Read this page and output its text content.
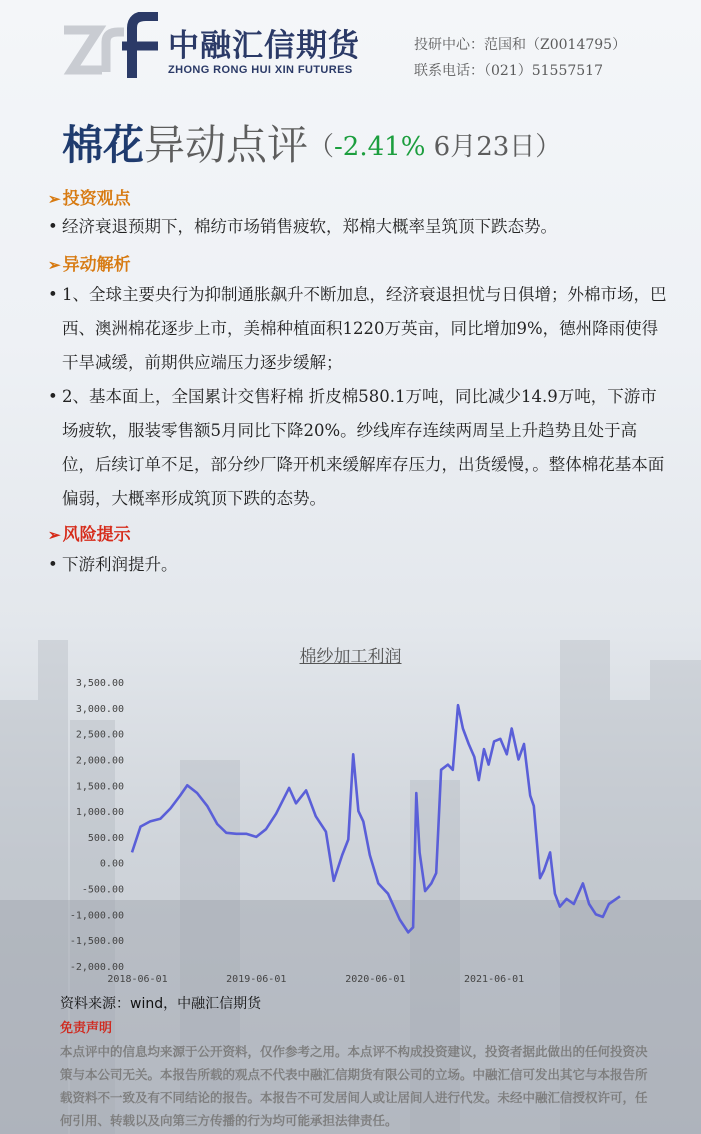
中融汇信期货
ZHONG RONG HUI XIN FUTURES
投研中心：范国和（Z0014795）
联系电话：（021）51557517
棉花异动点评（-2.41% 6月23日）
➢ 投资观点
• 经济衰退预期下，棉纺市场销售疲软，郑棉大概率呈筑顶下跌态势。
➢ 异动解析
• 1、全球主要央行为抑制通胀飙升不断加息，经济衰退担忧与日俱增；外棉市场，巴西、澳洲棉花逐步上市，美棉种植面积1220万英亩，同比增加9%，德州降雨使得干旱减缓，前期供应端压力逐步缓解；
• 2、基本面上，全国累计交售籽棉 折皮棉580.1万吨，同比减少14.9万吨，下游市场疲软，服装零售额5月同比下降20%。纱线库存连续两周呈上升趋势且处于高位，后续订单不足，部分纱厂降开机来缓解库存压力，出货缓慢，。整体棉花基本面偏弱，大概率形成筑顶下跌的态势。
➢ 风险提示
• 下游利润提升。
棉纱加工利润
3,500.00
3,000.00
2,500.00
2,000.00
1,500.00
1,000.00
500.00
0.00
-500.00
-1,000.00
-1,500.00
-2,000.00
2018-06-01	2019-06-01	2020-06-01	2021-06-01
资料来源：wind，中融汇信期货
免责声明
本点评中的信息均来源于公开资料，仅作参考之用。本点评不构成投资建议，投资者据此做出的任何投资决策与本公司无关。本报告所载的观点不代表中融汇信期货有限公司的立场。中融汇信可发出其它与本报告所载资料不一致及有不同结论的报告。本报告不可发居间人或让居间人进行代发。未经中融汇信授权许可，任何引用、转载以及向第三方传播的行为均可能承担法律责任。
